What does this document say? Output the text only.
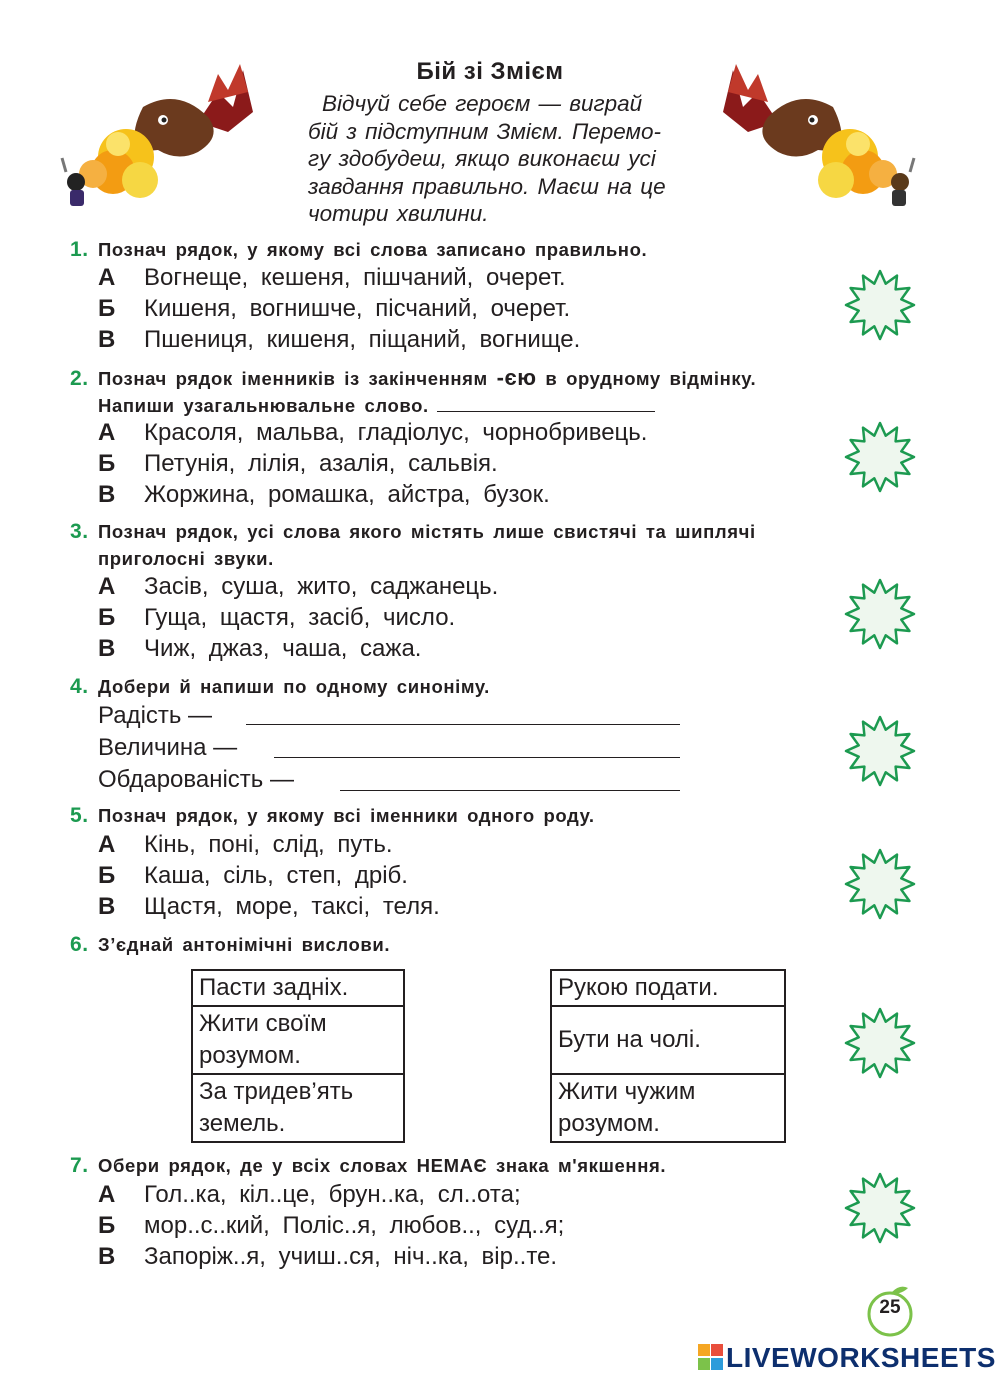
Бій зі Змієм
Відчуй себе героєм — виграй
бій з підступним Змієм. Перемо-
гу здобудеш, якщо виконаєш усі
завдання правильно. Маєш на це
чотири хвилини.
1. Познач рядок, у якому всі слова записано правильно.
А Вогнеще, кешеня, пішчаний, очерет.
Б Кишеня, вогнишче, пісчаний, очерет.
В Пшениця, кишеня, піщаний, вогнище.
2. Познач рядок іменників із закінченням -єю в орудному відмінку.
Напиши узагальнювальне слово.
А Красоля, мальва, гладіолус, чорнобривець.
Б Петунія, лілія, азалія, сальвія.
В Жоржина, ромашка, айстра, бузок.
3. Познач рядок, усі слова якого містять лише свистячі та шиплячі
приголосні звуки.
А Засів, суша, жито, саджанець.
Б Гуща, щастя, засіб, число.
В Чиж, джаз, чаша, сажа.
4. Добери й напиши по одному синоніму.
Радість —
Величина —
Обдарованість —
5. Познач рядок, у якому всі іменники одного роду.
А Кінь, поні, слід, путь.
Б Каша, сіль, степ, дріб.
В Щастя, море, таксі, теля.
6. З’єднай антонімічні вислови.
Пасти задніх.
Жити своїм розумом.
За тридев’ять земель.
Рукою подати.
Бути на чолі.
Жити чужим розумом.
7. Обери рядок, де у всіх словах НЕМАЄ знака м'якшення.
А Гол..ка, кіл..це, брун..ка, сл..ота;
Б мор..с..кий, Поліс..я, любов.., суд..я;
В Запоріж..я, учиш..ся, ніч..ка, вір..те.
25
LIVEWORKSHEETS
